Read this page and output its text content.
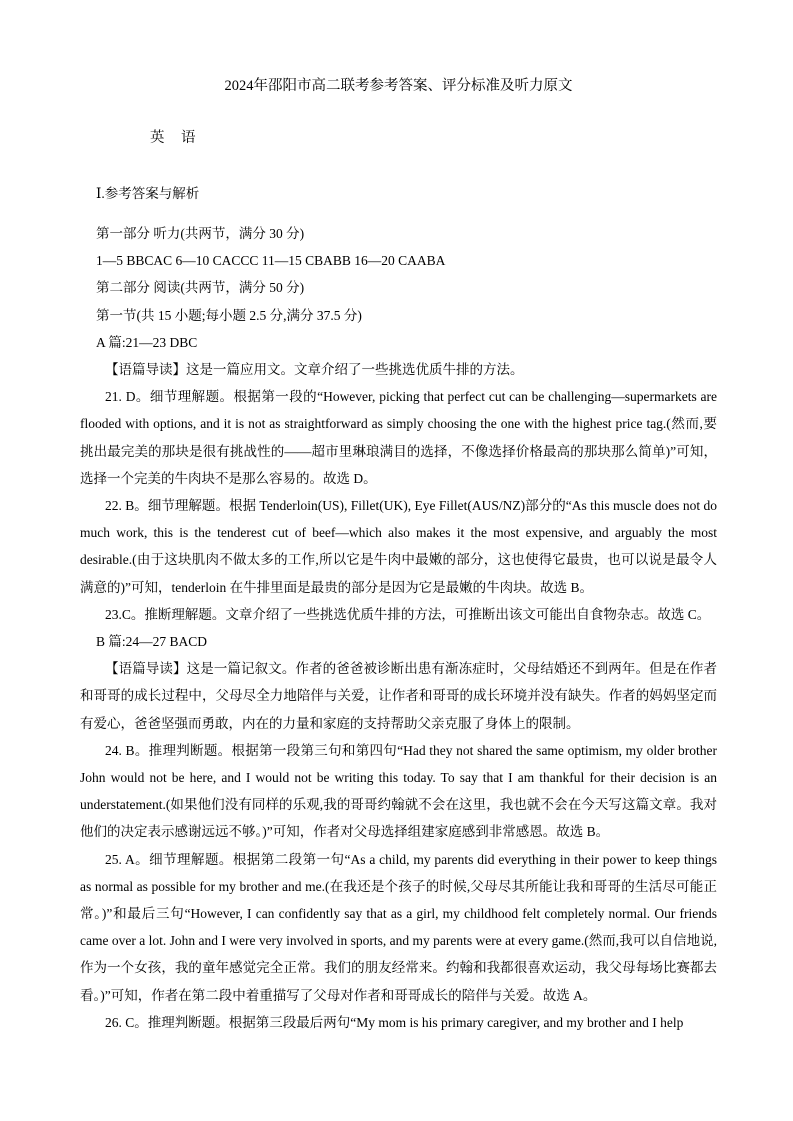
2024年邵阳市高二联考参考答案、评分标准及听力原文
英　语
Ⅰ.参考答案与解析

第一部分 听力(共两节，满分 30 分)

1—5 BBCAC 6—10 CACCC 11—15 CBABB 16—20 CAABA

第二部分 阅读(共两节，满分 50 分)

第一节(共 15 小题;每小题 2.5 分,满分 37.5 分)

A 篇:21—23 DBC

【语篇导读】这是一篇应用文。文章介绍了一些挑选优质牛排的方法。

21. D。细节理解题。根据第一段的“However, picking that perfect cut can be challenging—supermarkets are flooded with options, and it is not as straightforward as simply choosing the one with the highest price tag.(然而,要挑出最完美的那块是很有挑战性的——超市里琳琅满目的选择，不像选择价格最高的那块那么简单)”可知，选择一个完美的牛肉块不是那么容易的。故选 D。

22. B。细节理解题。根据 Tenderloin(US), Fillet(UK), Eye Fillet(AUS/NZ)部分的“As this muscle does not do much work, this is the tenderest cut of beef—which also makes it the most expensive, and arguably the most desirable.(由于这块肌肉不做太多的工作,所以它是牛肉中最嫩的部分，这也使得它最贵，也可以说是最令人满意的)”可知，tenderloin 在牛排里面是最贵的部分是因为它是最嫩的牛肉块。故选 B。

23.C。推断理解题。文章介绍了一些挑选优质牛排的方法，可推断出该文可能出自食物杂志。故选 C。

B 篇:24—27 BACD

【语篇导读】这是一篇记叙文。作者的爸爸被诊断出患有渐冻症时，父母结婚还不到两年。但是在作者和哥哥的成长过程中，父母尽全力地陪伴与关爱，让作者和哥哥的成长环境并没有缺失。作者的妈妈坚定而有爱心，爸爸坚强而勇敢，内在的力量和家庭的支持帮助父亲克服了身体上的限制。

24. B。推理判断题。根据第一段第三句和第四句“Had they not shared the same optimism, my older brother John would not be here, and I would not be writing this today. To say that I am thankful for their decision is an understatement.(如果他们没有同样的乐观,我的哥哥约翰就不会在这里，我也就不会在今天写这篇文章。我对他们的决定表示感谢远远不够。)”可知，作者对父母选择组建家庭感到非常感恩。故选 B。

25. A。细节理解题。根据第二段第一句“As a child, my parents did everything in their power to keep things as normal as possible for my brother and me.(在我还是个孩子的时候,父母尽其所能让我和哥哥的生活尽可能正常。)”和最后三句“However, I can confidently say that as a girl, my childhood felt completely normal. Our friends came over a lot. John and I were very involved in sports, and my parents were at every game.(然而,我可以自信地说,作为一个女孩，我的童年感觉完全正常。我们的朋友经常来。约翰和我都很喜欢运动，我父母每场比赛都去看。)”可知，作者在第二段中着重描写了父母对作者和哥哥成长的陪伴与关爱。故选 A。

26. C。推理判断题。根据第三段最后两句“My mom is his primary caregiver, and my brother and I help
